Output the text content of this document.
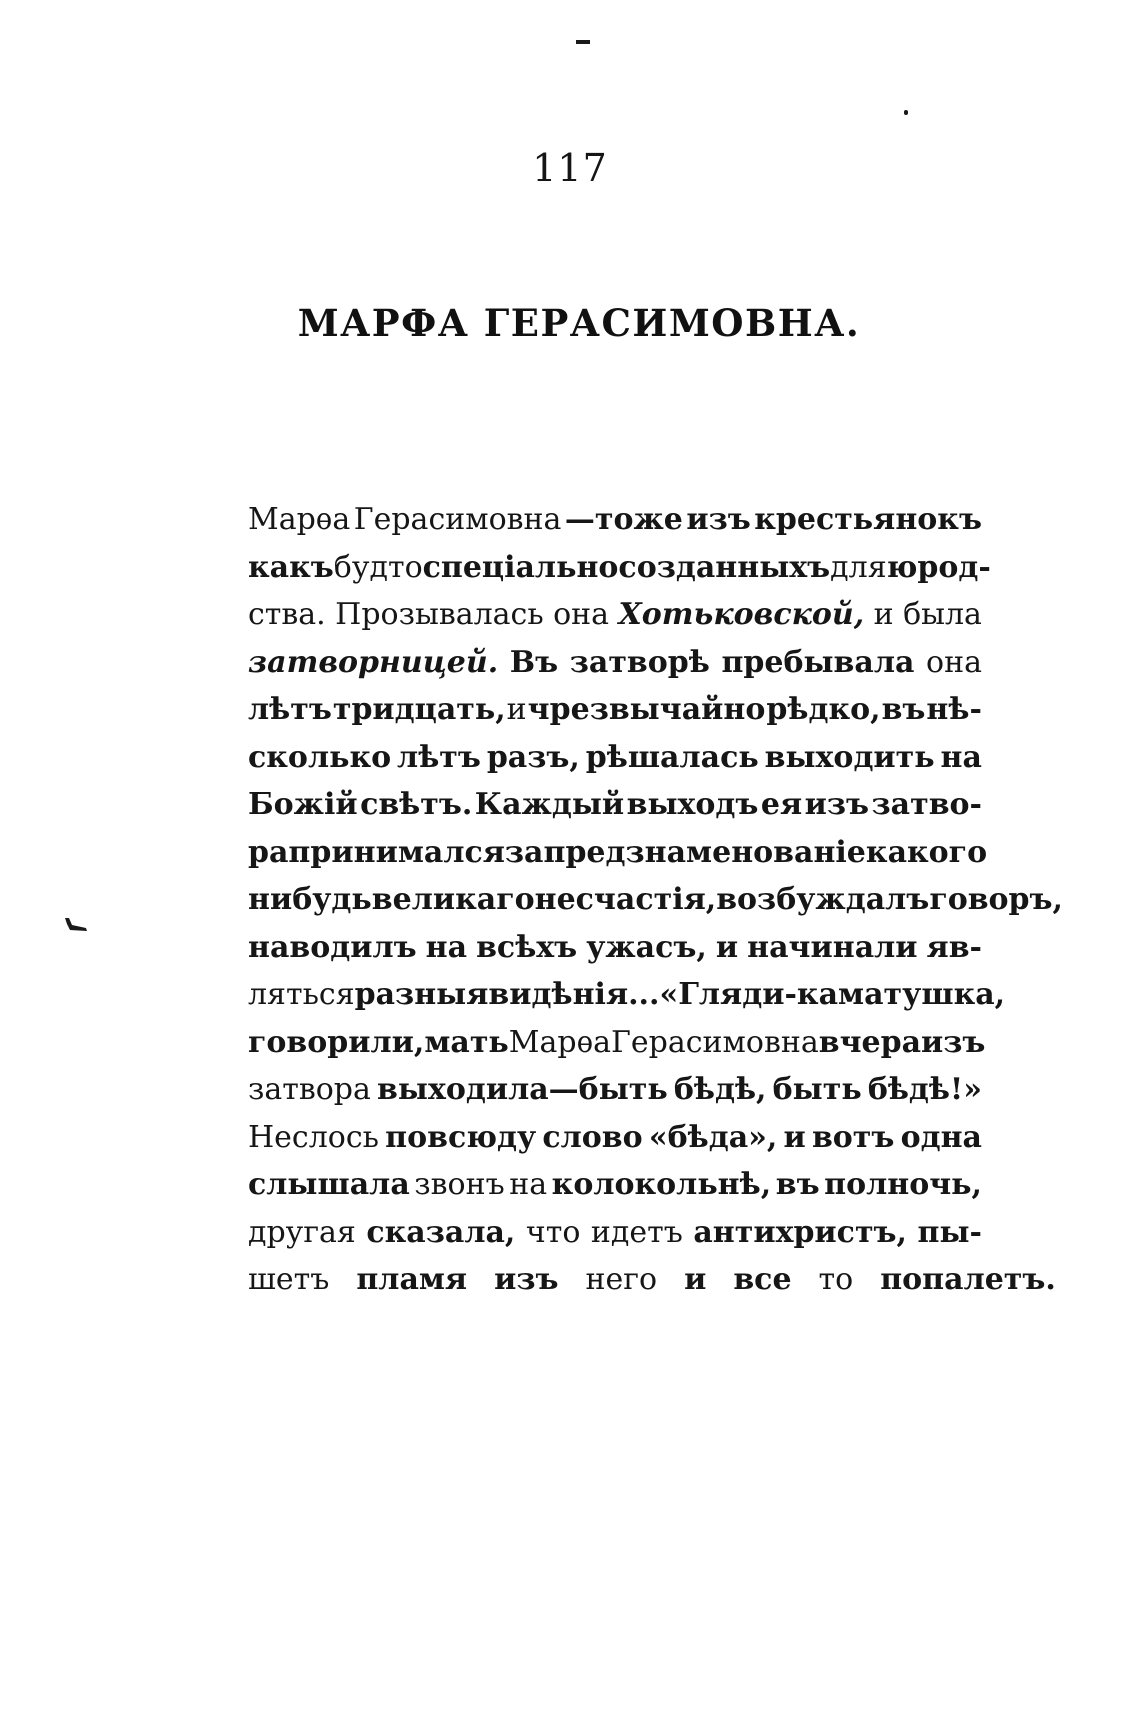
117
МАРФА ГЕРАСИМОВНА.
Марѳа Герасимовна —тоже изъ крестьянокъ
какъ будто спеціально созданныхъ для юрод-
ства. Прозывалась она Хотьковской, и была
затворницей. Въ затворѣ пребывала она
лѣтъ тридцать, и чрезвычайно рѣдко, въ нѣ-
сколько лѣтъ разъ, рѣшалась выходить на
Божій свѣтъ. Каждый выходъ ея изъ затво-
ра принимался за предзнаменованіе какого
нибудь великаго несчастія, возбуждалъ говоръ,
наводилъ на всѣхъ ужасъ, и начинали яв-
ляться разныя видѣнія ...«Гляди-ка матушка,
говорили, мать Марѳа Герасимовна вчера изъ
затвора выходила—быть бѣдѣ, быть бѣдѣ!»
Неслось повсюду слово «бѣда», и вотъ одна
слышала звонъ на колокольнѣ, въ полночь,
другая сказала, что идетъ антихристъ, пы-
шетъ пламя изъ него и все то попалетъ.
